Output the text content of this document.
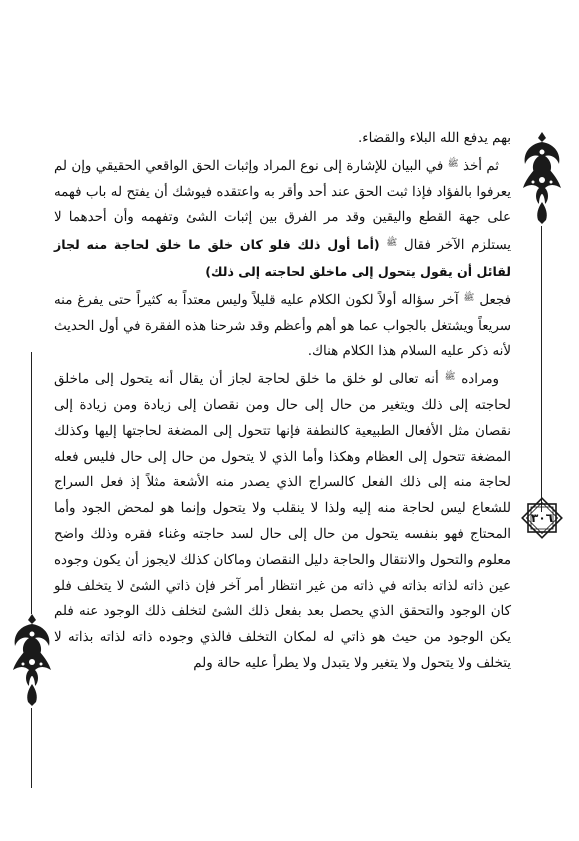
٣٠٦

بهم يدفع الله البلاء والقضاء.

ثم أخذ $^ﷺ$ في البيان للإشارة إلى نوع المراد وإثبات الحق الواقعي الحقيقي وإن لم يعرفوا بالفؤاد فإذا ثبت الحق عند أحد وأقر به واعتقده فيوشك أن يفتح له باب فهمه على جهة القطع واليقين وقد مر الفرق بين إثبات الشئ وتفهمه وأن أحدهما لا يستلزم الآخر فقال $^ﷺ$ (أما أول ذلك فلو كان خلق ما خلق لحاجة منه لجاز لقائل أن يقول يتحول إلى ماخلق لحاجته إلى ذلك)

فجعل $^ﷺ$ آخر سؤاله أولاً لكون الكلام عليه قليلاً وليس معتداً به كثيراً حتى يفرغ منه سريعاً ويشتغل بالجواب عما هو أهم وأعظم وقد شرحنا هذه الفقرة في أول الحديث لأنه ذكر عليه السلام هذا الكلام هناك.

ومراده $^ﷺ$ أنه تعالى لو خلق ما خلق لحاجة لجاز أن يقال أنه يتحول إلى ماخلق لحاجته إلى ذلك ويتغير من حال إلى حال ومن نقصان إلى زيادة ومن زيادة إلى نقصان مثل الأفعال الطبيعية كالنطفة فإنها تتحول إلى المضغة لحاجتها إليها وكذلك المضغة تتحول إلى العظام وهكذا وأما الذي لا يتحول من حال إلى حال فليس فعله لحاجة منه إلى ذلك الفعل كالسراج الذي يصدر منه الأشعة مثلاً إذ فعل السراج للشعاع ليس لحاجة منه إليه ولذا لا ينقلب ولا يتحول وإنما هو لمحض الجود وأما المحتاج فهو بنفسه يتحول من حال إلى حال لسد حاجته وغناء فقره وذلك واضح معلوم والتحول والانتقال والحاجة دليل النقصان وماكان كذلك لايجوز أن يكون وجوده عين ذاته لذاته بذاته في ذاته من غير انتظار أمر آخر فإن ذاتي الشئ لا يتخلف فلو كان الوجود والتحقق الذي يحصل بعد بفعل ذلك الشئ لتخلف ذلك الوجود عنه فلم يكن الوجود من حيث هو ذاتي له لمكان التخلف فالذي وجوده ذاته لذاته بذاته لا يتخلف ولا يتحول ولا يتغير ولا يتبدل ولا يطرأ عليه حالة ولم
